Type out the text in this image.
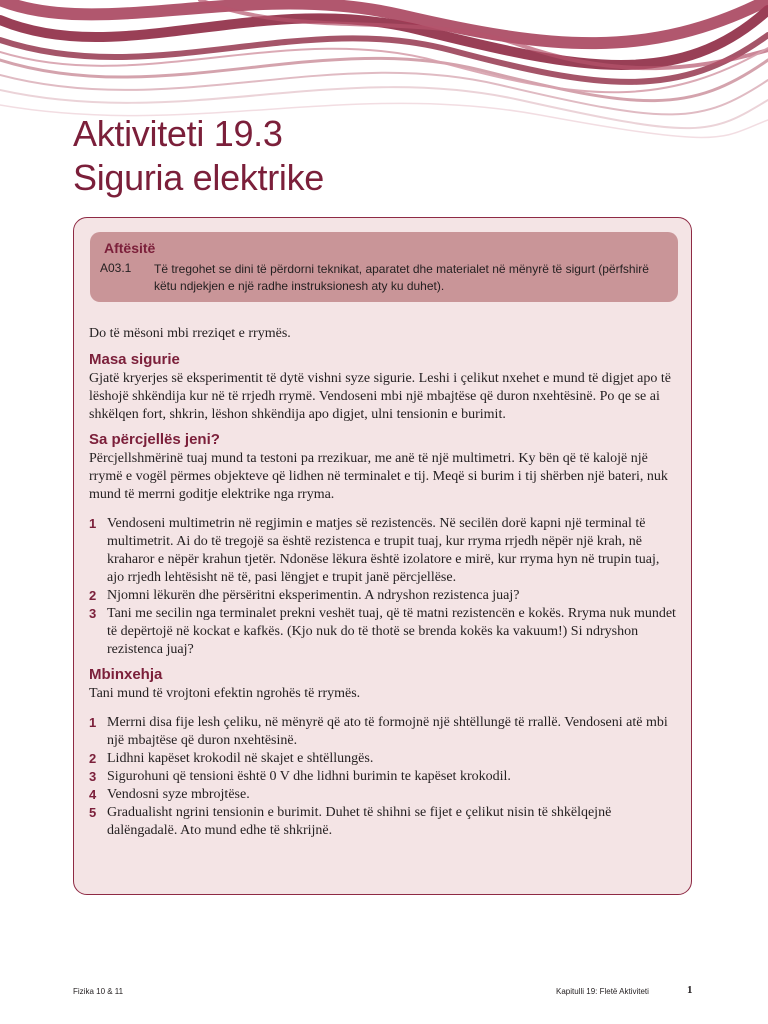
Aktiviteti 19.3
Siguria elektrike
Aftësitë
A03.1 Të tregohet se dini të përdorni teknikat, aparatet dhe materialet në mënyrë të sigurt (përfshirë këtu ndjekjen e një radhe instruksionesh aty ku duhet).

Do të mësoni mbi rreziqet e rrymës.

Masa sigurie

Gjatë kryerjes së eksperimentit të dytë vishni syze sigurie. Leshi i çelikut nxehet e mund të digjet apo të lëshojë shkëndija kur në të rrjedh rrymë. Vendoseni mbi një mbajtëse që duron nxehtësinë. Po qe se ai shkëlqen fort, shkrin, lëshon shkëndija apo digjet, ulni tensionin e burimit.

Sa përcjellës jeni?

Përcjellshmërinë tuaj mund ta testoni pa rrezikuar, me anë të një multimetri. Ky bën që të kalojë një rrymë e vogël përmes objekteve që lidhen në terminalet e tij. Meqë si burim i tij shërben një bateri, nuk mund të merrni goditje elektrike nga rryma.

1 Vendoseni multimetrin në regjimin e matjes së rezistencës. Në secilën dorë kapni një terminal të multimetrit. Ai do të tregojë sa është rezistenca e trupit tuaj, kur rryma rrjedh nëpër një krah, në kraharor e nëpër krahun tjetër. Ndonëse lëkura është izolatore e mirë, kur rryma hyn në trupin tuaj, ajo rrjedh lehtësisht në të, pasi lëngjet e trupit janë përcjellëse.
2 Njomni lëkurën dhe përsëritni eksperimentin. A ndryshon rezistenca juaj?
3 Tani me secilin nga terminalet prekni veshët tuaj, që të matni rezistencën e kokës. Rryma nuk mundet të depërtojë në kockat e kafkës. (Kjo nuk do të thotë se brenda kokës ka vakuum!) Si ndryshon rezistenca juaj?
Mbinxehja

Tani mund të vrojtoni efektin ngrohës të rrymës.

1 Merrni disa fije lesh çeliku, në mënyrë që ato të formojnë një shtëllungë të rrallë. Vendoseni atë mbi një mbajtëse që duron nxehtësinë.
2 Lidhni kapëset krokodil në skajet e shtëllungës.
3 Sigurohuni që tensioni është 0 V dhe lidhni burimin te kapëset krokodil.
4 Vendosni syze mbrojtëse.
5 Gradualisht ngrini tensionin e burimit. Duhet të shihni se fijet e çelikut nisin të shkëlqejnë dalëngadalë. Ato mund edhe të shkrijnë.
Fizika 10 & 11	Kapitulli 19: Fletë Aktiviteti	1
